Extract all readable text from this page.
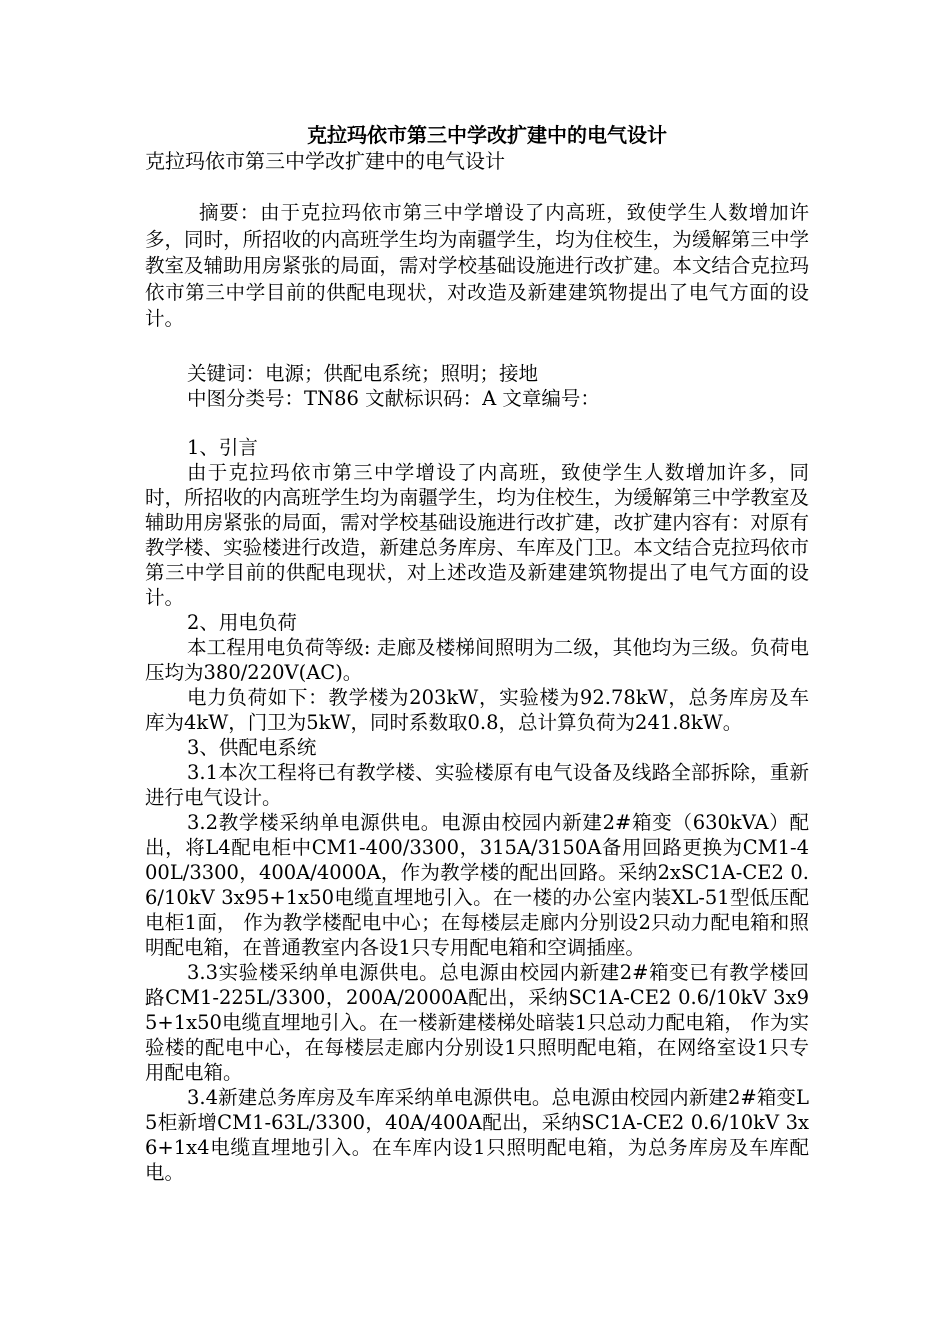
克拉玛依市第三中学改扩建中的电气设计

克拉玛依市第三中学改扩建中的电气设计

摘要：由于克拉玛依市第三中学增设了内高班，致使学生人数增加许多，同时，所招收的内高班学生均为南疆学生，均为住校生，为缓解第三中学教室及辅助用房紧张的局面，需对学校基础设施进行改扩建。本文结合克拉玛依市第三中学目前的供配电现状，对改造及新建建筑物提出了电气方面的设计。

关键词：电源；供配电系统；照明；接地

中图分类号：TN86 文献标识码：A 文章编号：

1、引言

由于克拉玛依市第三中学增设了内高班，致使学生人数增加许多，同时，所招收的内高班学生均为南疆学生，均为住校生，为缓解第三中学教室及辅助用房紧张的局面，需对学校基础设施进行改扩建，改扩建内容有：对原有教学楼、实验楼进行改造，新建总务库房、车库及门卫。本文结合克拉玛依市第三中学目前的供配电现状，对上述改造及新建建筑物提出了电气方面的设计。

2、用电负荷

本工程用电负荷等级: 走廊及楼梯间照明为二级，其他均为三级。负荷电压均为380/220V(AC)。

电力负荷如下：教学楼为203kW，实验楼为92.78kW，总务库房及车库为4kW，门卫为5kW，同时系数取0.8，总计算负荷为241.8kW。

3、供配电系统

3.1本次工程将已有教学楼、实验楼原有电气设备及线路全部拆除，重新进行电气设计。

3.2教学楼采纳单电源供电。电源由校园内新建2#箱变（630kVA）配出，将L4配电柜中CM1-400/3300，315A/3150A备用回路更换为CM1-400L/3300，400A/4000A，作为教学楼的配出回路。采纳2xSC1A-CE2 0.6/10kV 3x95+1x50电缆直埋地引入。在一楼的办公室内装XL-51型低压配电柜1面， 作为教学楼配电中心；在每楼层走廊内分别设2只动力配电箱和照明配电箱，在普通教室内各设1只专用配电箱和空调插座。

3.3实验楼采纳单电源供电。总电源由校园内新建2#箱变已有教学楼回路CM1-225L/3300，200A/2000A配出，采纳SC1A-CE2 0.6/10kV 3x95+1x50电缆直埋地引入。在一楼新建楼梯处暗装1只总动力配电箱， 作为实验楼的配电中心，在每楼层走廊内分别设1只照明配电箱，在网络室设1只专用配电箱。

3.4新建总务库房及车库采纳单电源供电。总电源由校园内新建2#箱变L5柜新增CM1-63L/3300，40A/400A配出，采纳SC1A-CE2 0.6/10kV 3x6+1x4电缆直埋地引入。在车库内设1只照明配电箱，为总务库房及车库配电。
